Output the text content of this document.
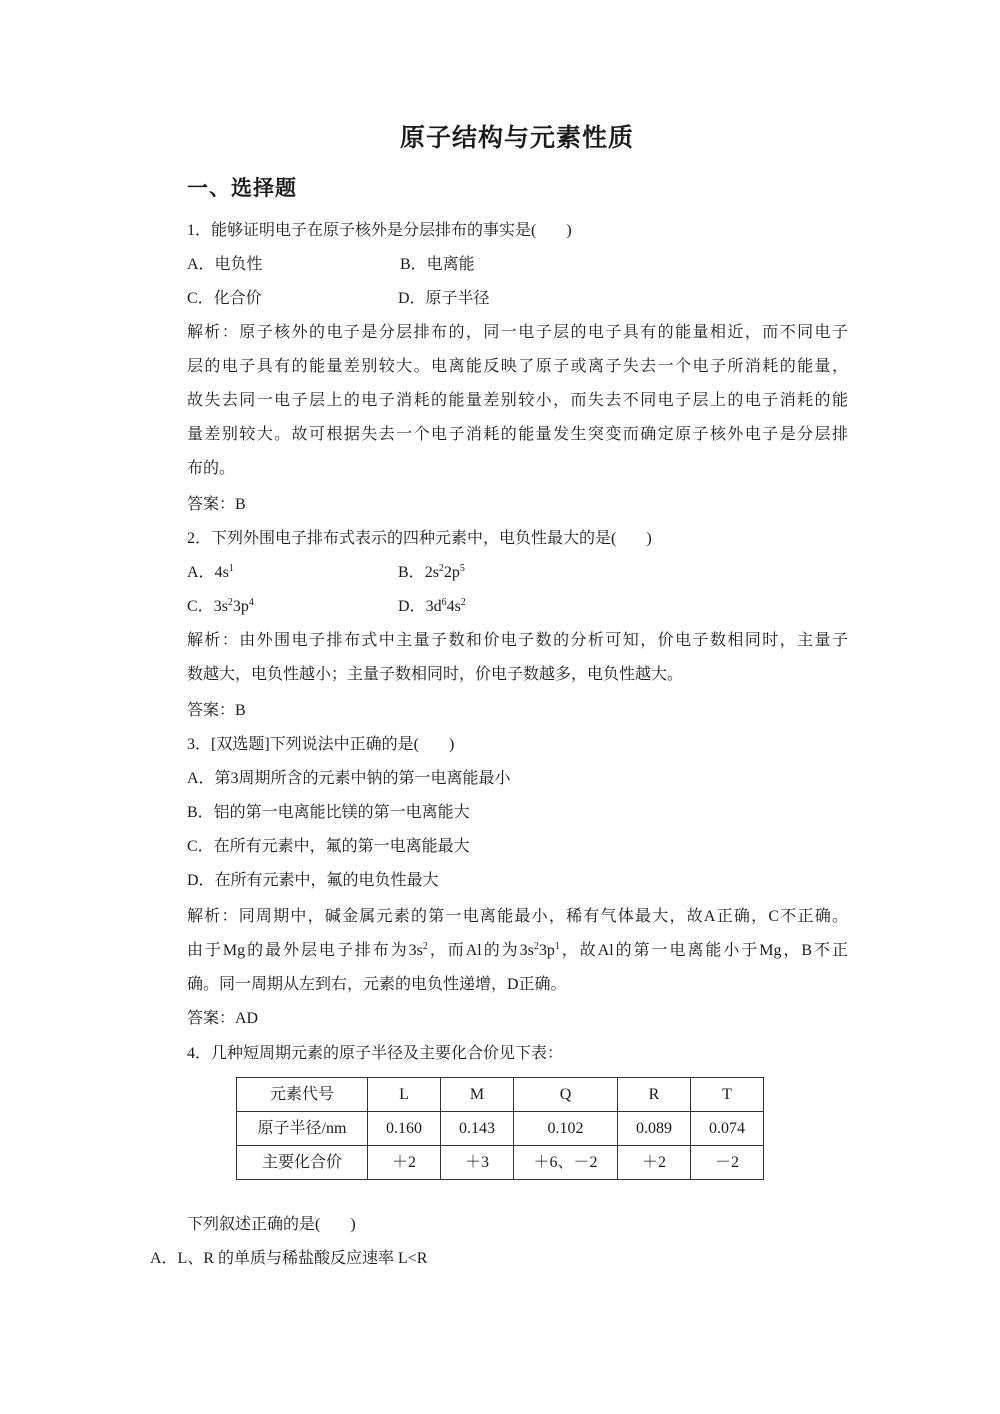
原子结构与元素性质
一、选择题
1．能够证明电子在原子核外是分层排布的事实是( )
A．电负性	B．电离能
C．化合价	D．原子半径
解析：原子核外的电子是分层排布的，同一电子层的电子具有的能量相近，而不同电子
层的电子具有的能量差别较大。电离能反映了原子或离子失去一个电子所消耗的能量，
故失去同一电子层上的电子消耗的能量差别较小，而失去不同电子层上的电子消耗的能
量差别较大。故可根据失去一个电子消耗的能量发生突变而确定原子核外电子是分层排
布的。
答案：B
2．下列外围电子排布式表示的四种元素中，电负性最大的是( )
A．$4s^1$	B．$2s^22p^5$
C．$3s^23p^4$	D．$3d^64s^2$
解析：由外围电子排布式中主量子数和价电子数的分析可知，价电子数相同时，主量子
数越大，电负性越小；主量子数相同时，价电子数越多，电负性越大。
答案：B
3．[双选题]下列说法中正确的是( )
A．第3周期所含的元素中钠的第一电离能最小
B．铝的第一电离能比镁的第一电离能大
C．在所有元素中，氟的第一电离能最大
D．在所有元素中，氟的电负性最大
解析：同周期中，碱金属元素的第一电离能最小，稀有气体最大，故A正确，C不正确。
由于Mg的最外层电子排布为$3s^2$，而Al的为$3s^23p^1$，故Al的第一电离能小于Mg，B不正
确。同一周期从左到右，元素的电负性递增，D正确。
答案：AD
4．几种短周期元素的原子半径及主要化合价见下表：
元素代号	L	M	Q	R	T
原子半径/nm	0.160	0.143	0.102	0.089	0.074
主要化合价	＋2	＋3	＋6、－2	＋2	－2
下列叙述正确的是( )
A．L、R 的单质与稀盐酸反应速率 L<R
